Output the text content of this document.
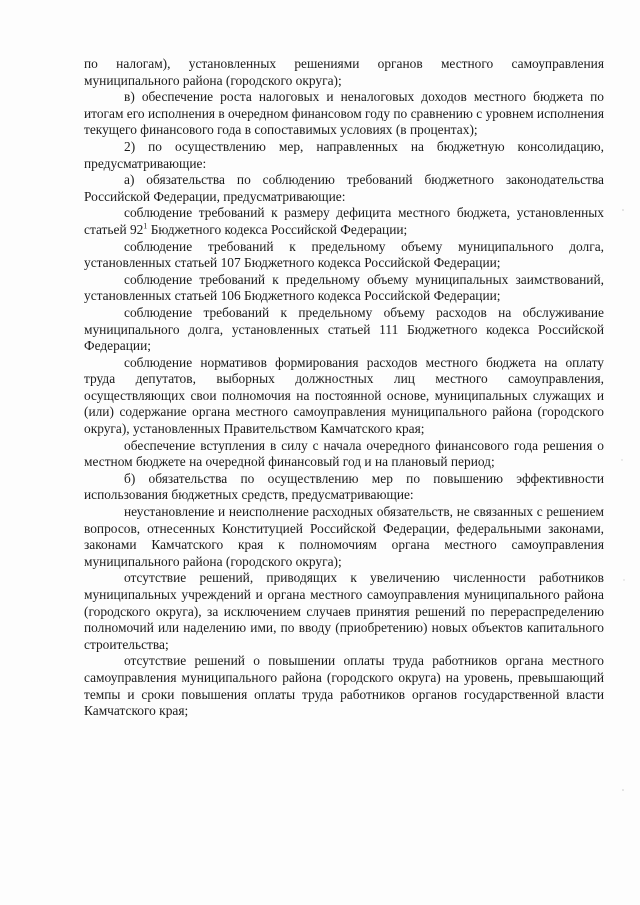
по налогам), установленных решениями органов местного самоуправления муниципального района (городского округа);

в) обеспечение роста налоговых и неналоговых доходов местного бюджета по итогам его исполнения в очередном финансовом году по сравнению с уровнем исполнения текущего финансового года в сопоставимых условиях (в процентах);

2) по осуществлению мер, направленных на бюджетную консолидацию, предусматривающие:

а) обязательства по соблюдению требований бюджетного законодательства Российской Федерации, предусматривающие:

соблюдение требований к размеру дефицита местного бюджета, установленных статьей $92^1$ Бюджетного кодекса Российской Федерации;

соблюдение требований к предельному объему муниципального долга, установленных статьей 107 Бюджетного кодекса Российской Федерации;

соблюдение требований к предельному объему муниципальных заимствований, установленных статьей 106 Бюджетного кодекса Российской Федерации;

соблюдение требований к предельному объему расходов на обслуживание муниципального долга, установленных статьей 111 Бюджетного кодекса Российской Федерации;

соблюдение нормативов формирования расходов местного бюджета на оплату труда депутатов, выборных должностных лиц местного самоуправления, осуществляющих свои полномочия на постоянной основе, муниципальных служащих и (или) содержание органа местного самоуправления муниципального района (городского округа), установленных Правительством Камчатского края;

обеспечение вступления в силу с начала очередного финансового года решения о местном бюджете на очередной финансовый год и на плановый период;

б) обязательства по осуществлению мер по повышению эффективности использования бюджетных средств, предусматривающие:

неустановление и неисполнение расходных обязательств, не связанных с решением вопросов, отнесенных Конституцией Российской Федерации, федеральными законами, законами Камчатского края к полномочиям органа местного самоуправления муниципального района (городского округа);

отсутствие решений, приводящих к увеличению численности работников муниципальных учреждений и органа местного самоуправления муниципального района (городского округа), за исключением случаев принятия решений по перераспределению полномочий или наделению ими, по вводу (приобретению) новых объектов капитального строительства;

отсутствие решений о повышении оплаты труда работников органа местного самоуправления муниципального района (городского округа) на уровень, превышающий темпы и сроки повышения оплаты труда работников органов государственной власти Камчатского края;
